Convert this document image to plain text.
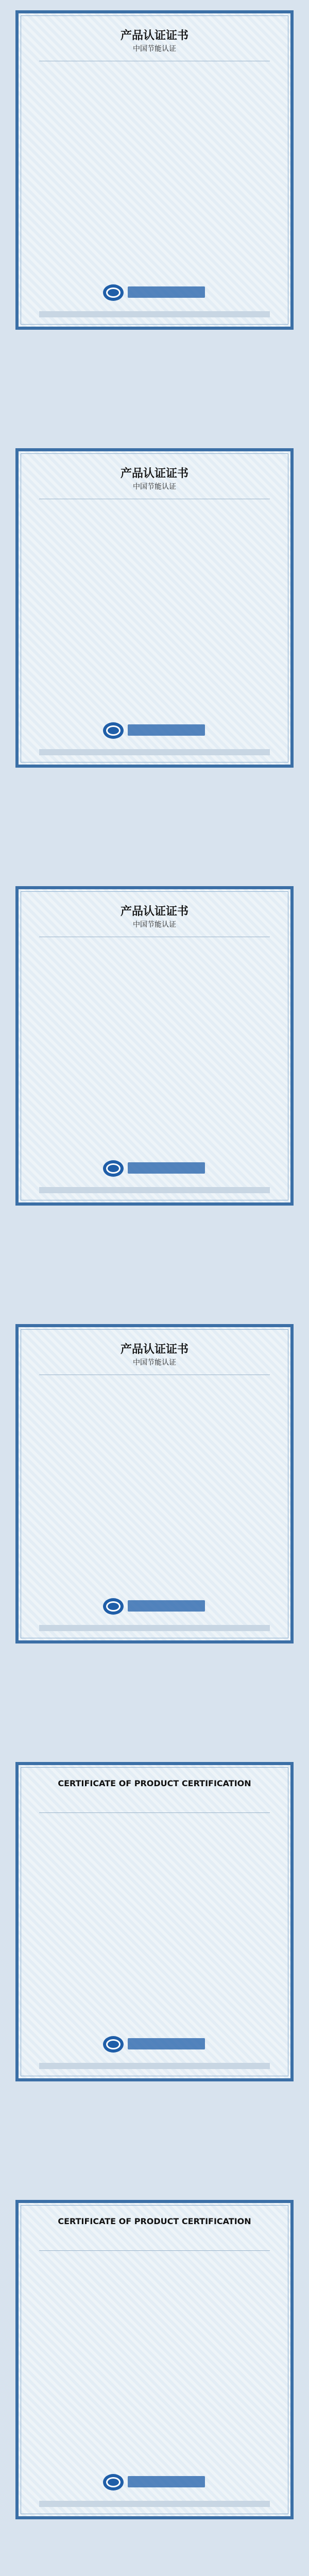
产品认证证书
中国节能认证
产品认证证书
中国节能认证
产品认证证书
中国节能认证
产品认证证书
中国节能认证
CERTIFICATE OF PRODUCT CERTIFICATION
CERTIFICATE OF PRODUCT CERTIFICATION
